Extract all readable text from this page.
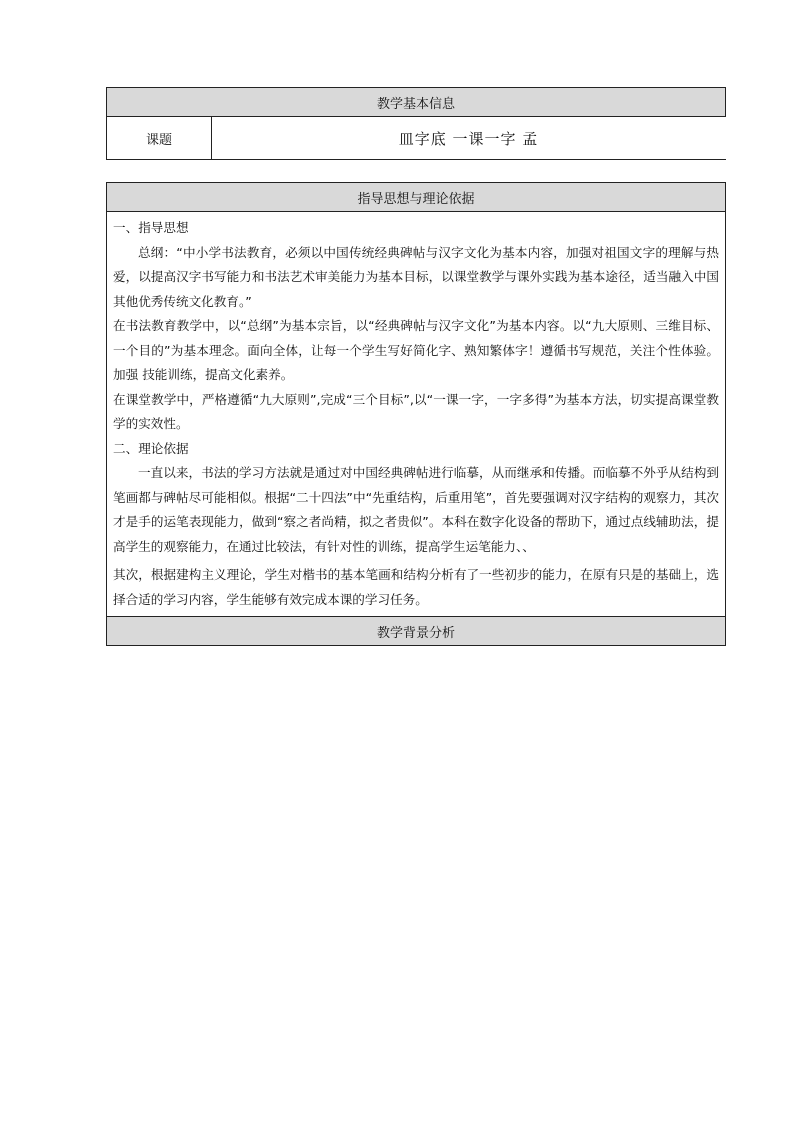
教学基本信息
课题	皿字底 一课一字 孟
指导思想与理论依据

一、指导思想

总纲：“中小学书法教育，必须以中国传统经典碑帖与汉字文化为基本内容，加强对祖国文字的理解与热爱，以提高汉字书写能力和书法艺术审美能力为基本目标，以课堂教学与课外实践为基本途径，适当融入中国其他优秀传统文化教育。”

在书法教育教学中，以“总纲”为基本宗旨，以“经典碑帖与汉字文化”为基本内容。以“九大原则、三维目标、一个目的”为基本理念。面向全体，让每一个学生写好简化字、熟知繁体字！遵循书写规范，关注个性体验。加强 技能训练，提高文化素养。

在课堂教学中，严格遵循“九大原则”,完成“三个目标”,以“一课一字，一字多得”为基本方法，切实提高课堂教学的实效性。

二、理论依据

一直以来，书法的学习方法就是通过对中国经典碑帖进行临摹，从而继承和传播。而临摹不外乎从结构到笔画都与碑帖尽可能相似。根据“二十四法”中“先重结构，后重用笔”，首先要强调对汉字结构的观察力，其次才是手的运笔表现能力，做到“察之者尚精，拟之者贵似”。本科在数字化设备的帮助下，通过点线辅助法，提高学生的观察能力，在通过比较法，有针对性的训练，提高学生运笔能力、、

其次，根据建构主义理论，学生对楷书的基本笔画和结构分析有了一些初步的能力，在原有只是的基础上，选择合适的学习内容，学生能够有效完成本课的学习任务。

教学背景分析
